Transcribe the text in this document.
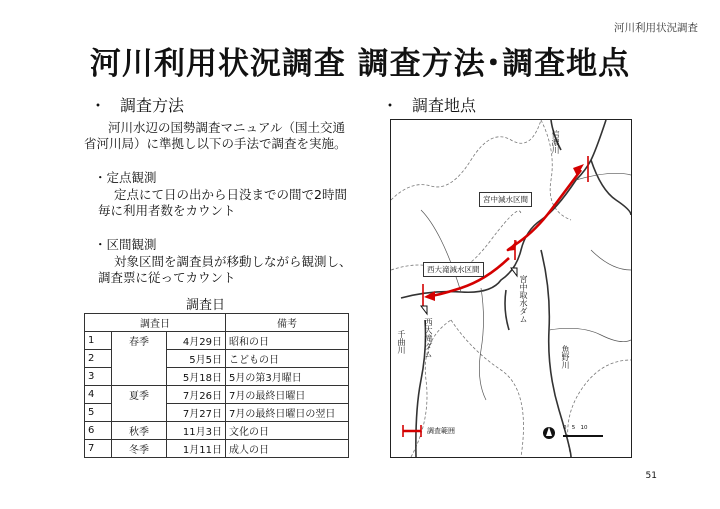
河川利用状況調査
河川利用状況調査 調査方法･調査地点
・ 調査方法
河川水辺の国勢調査マニュアル（国土交通省河川局）に準拠し以下の手法で調査を実施。
・定点観測
定点にて日の出から日没までの間で2時間毎に利用者数をカウント
・区間観測
対象区間を調査員が移動しながら観測し、調査票に従ってカウント
調査日
調査日			備考
1	春季	4月29日	昭和の日
2		5月5日	こどもの日
3		5月18日	5月の第3月曜日
4	夏季	7月26日	7月の最終日曜日
5		7月27日	7月の最終日曜日の翌日
6	秋季	11月3日	文化の日
7	冬季	1月11日	成人の日
・ 調査地点
宮中減水区間
西大滝減水区間
信濃川
宮中取水ダム
西大滝ダム
千曲川
魚野川
調査範囲	0   5   10
51
